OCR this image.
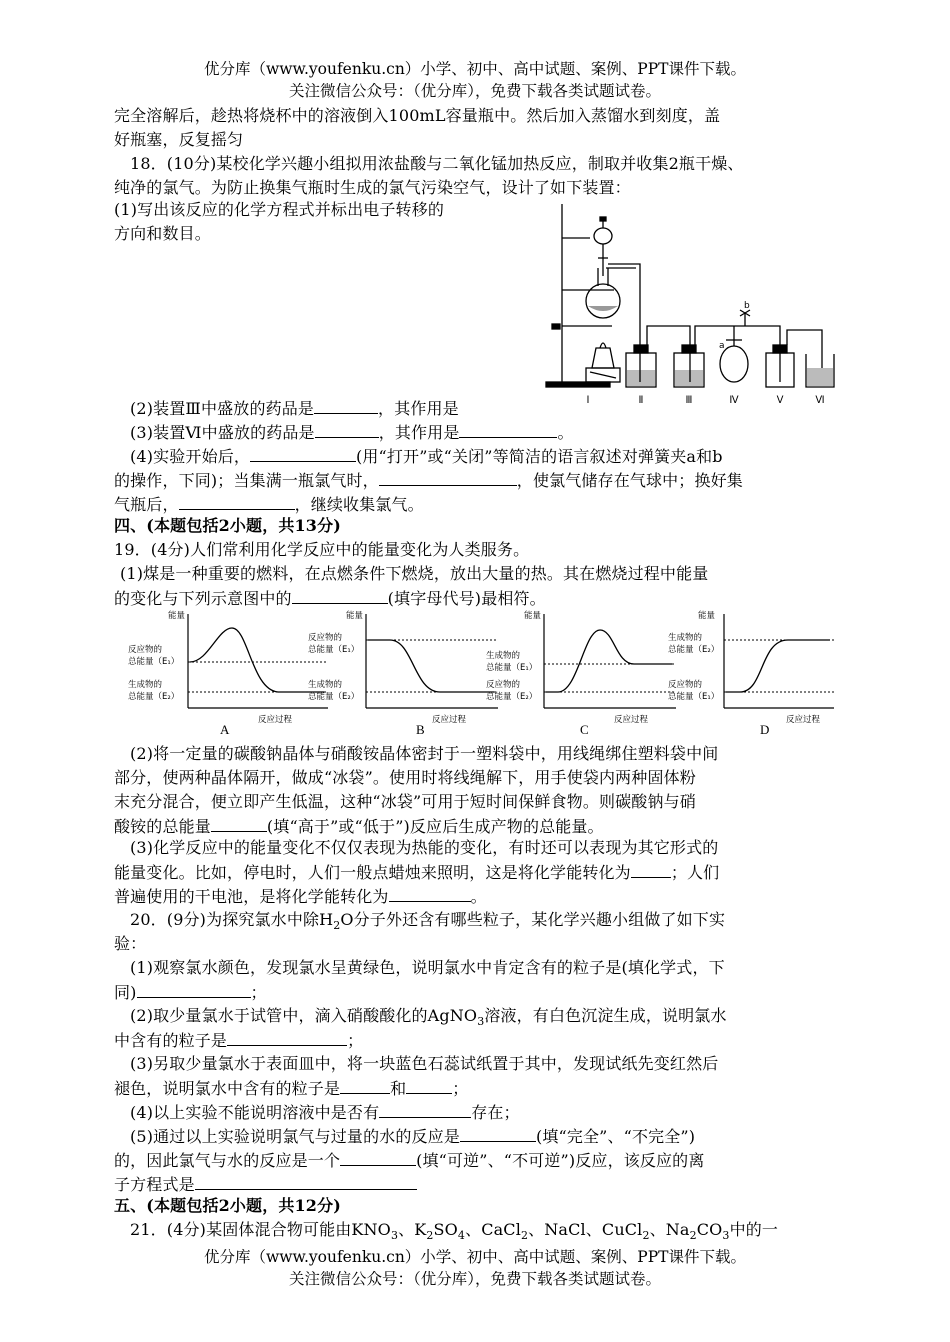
优分库（www.youfenku.cn）小学、初中、高中试题、案例、PPT课件下载。
关注微信公众号：（优分库），免费下载各类试题试卷。
完全溶解后，趁热将烧杯中的溶液倒入100mL容量瓶中。然后加入蒸馏水到刻度，盖
好瓶塞，反复摇匀
18．(10分)某校化学兴趣小组拟用浓盐酸与二氧化锰加热反应，制取并收集2瓶干燥、
纯净的氯气。为防止换集气瓶时生成的氯气污染空气，设计了如下装置：
(1)写出该反应的化学方程式并标出电子转移的
方向和数目。
a
b
Ⅰ	Ⅱ	Ⅲ	Ⅳ	Ⅴ	Ⅵ
(2)装置Ⅲ中盛放的药品是	，其作用是
(3)装置Ⅵ中盛放的药品是	，其作用是	。
(4)实验开始后，	(用“打开”或“关闭”等简洁的语言叙述对弹簧夹a和b
的操作，下同)；当集满一瓶氯气时，	，使氯气储存在气球中；换好集
气瓶后，	，继续收集氯气。
四、(本题包括2小题，共13分)
19．(4分)人们常利用化学反应中的能量变化为人类服务。
(1)煤是一种重要的燃料，在点燃条件下燃烧，放出大量的热。其在燃烧过程中能量
的变化与下列示意图中的	(填字母代号)最相符。
能量
反应过程
反应物的
总能量（E₁）
生成物的
总能量（E₂）
A
能量
反应过程
反应物的
总能量（E₁）
生成物的
总能量（E₂）
B
能量
反应过程
生成物的
总能量（E₁）
反应物的
总能量（E₂）
C
能量
反应过程
生成物的
总能量（E₂）
反应物的
总能量（E₁）
D
(2)将一定量的碳酸钠晶体与硝酸铵晶体密封于一塑料袋中，用线绳绑住塑料袋中间
部分，使两种晶体隔开，做成“冰袋”。使用时将线绳解下，用手使袋内两种固体粉
末充分混合，便立即产生低温，这种“冰袋”可用于短时间保鲜食物。则碳酸钠与硝
酸铵的总能量	(填“高于”或“低于”)反应后生成产物的总能量。
(3)化学反应中的能量变化不仅仅表现为热能的变化，有时还可以表现为其它形式的
能量变化。比如，停电时，人们一般点蜡烛来照明，这是将化学能转化为	；人们
普遍使用的干电池，是将化学能转化为	。
20．(9分)为探究氯水中除$H_2O$分子外还含有哪些粒子，某化学兴趣小组做了如下实
验：
(1)观察氯水颜色，发现氯水呈黄绿色，说明氯水中肯定含有的粒子是(填化学式，下
同)	；
(2)取少量氯水于试管中，滴入硝酸酸化的AgNO$_3$溶液，有白色沉淀生成，说明氯水
中含有的粒子是	；
(3)另取少量氯水于表面皿中，将一块蓝色石蕊试纸置于其中，发现试纸先变红然后
褪色，说明氯水中含有的粒子是	和	；
(4)以上实验不能说明溶液中是否有	存在；
(5)通过以上实验说明氯气与过量的水的反应是	(填“完全”、“不完全”)
的，因此氯气与水的反应是一个	(填“可逆”、“不可逆”)反应，该反应的离
子方程式是
五、(本题包括2小题，共12分)
21．(4分)某固体混合物可能由$KNO_3$、$K_2SO_4$、CaCl$_2$、NaCl、CuCl$_2$、$Na_2CO_3$中的一
优分库（www.youfenku.cn）小学、初中、高中试题、案例、PPT课件下载。
关注微信公众号：（优分库），免费下载各类试题试卷。
